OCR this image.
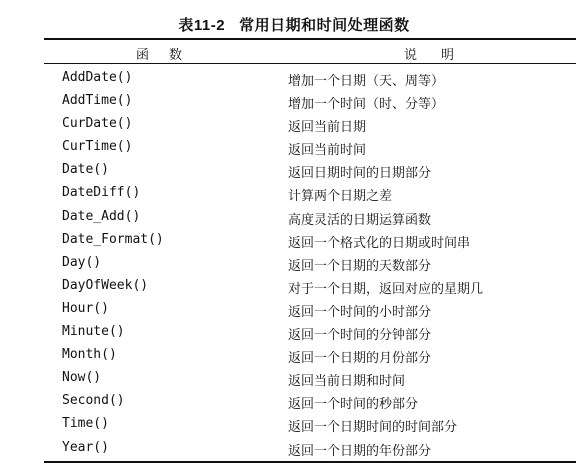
表11-2 常用日期和时间处理函数
函数	说明
AddDate()	增加一个日期（天、周等）
AddTime()	增加一个时间（时、分等）
CurDate()	返回当前日期
CurTime()	返回当前时间
Date()	返回日期时间的日期部分
DateDiff()	计算两个日期之差
Date_Add()	高度灵活的日期运算函数
Date_Format()	返回一个格式化的日期或时间串
Day()	返回一个日期的天数部分
DayOfWeek()	对于一个日期，返回对应的星期几
Hour()	返回一个时间的小时部分
Minute()	返回一个时间的分钟部分
Month()	返回一个日期的月份部分
Now()	返回当前日期和时间
Second()	返回一个时间的秒部分
Time()	返回一个日期时间的时间部分
Year()	返回一个日期的年份部分
